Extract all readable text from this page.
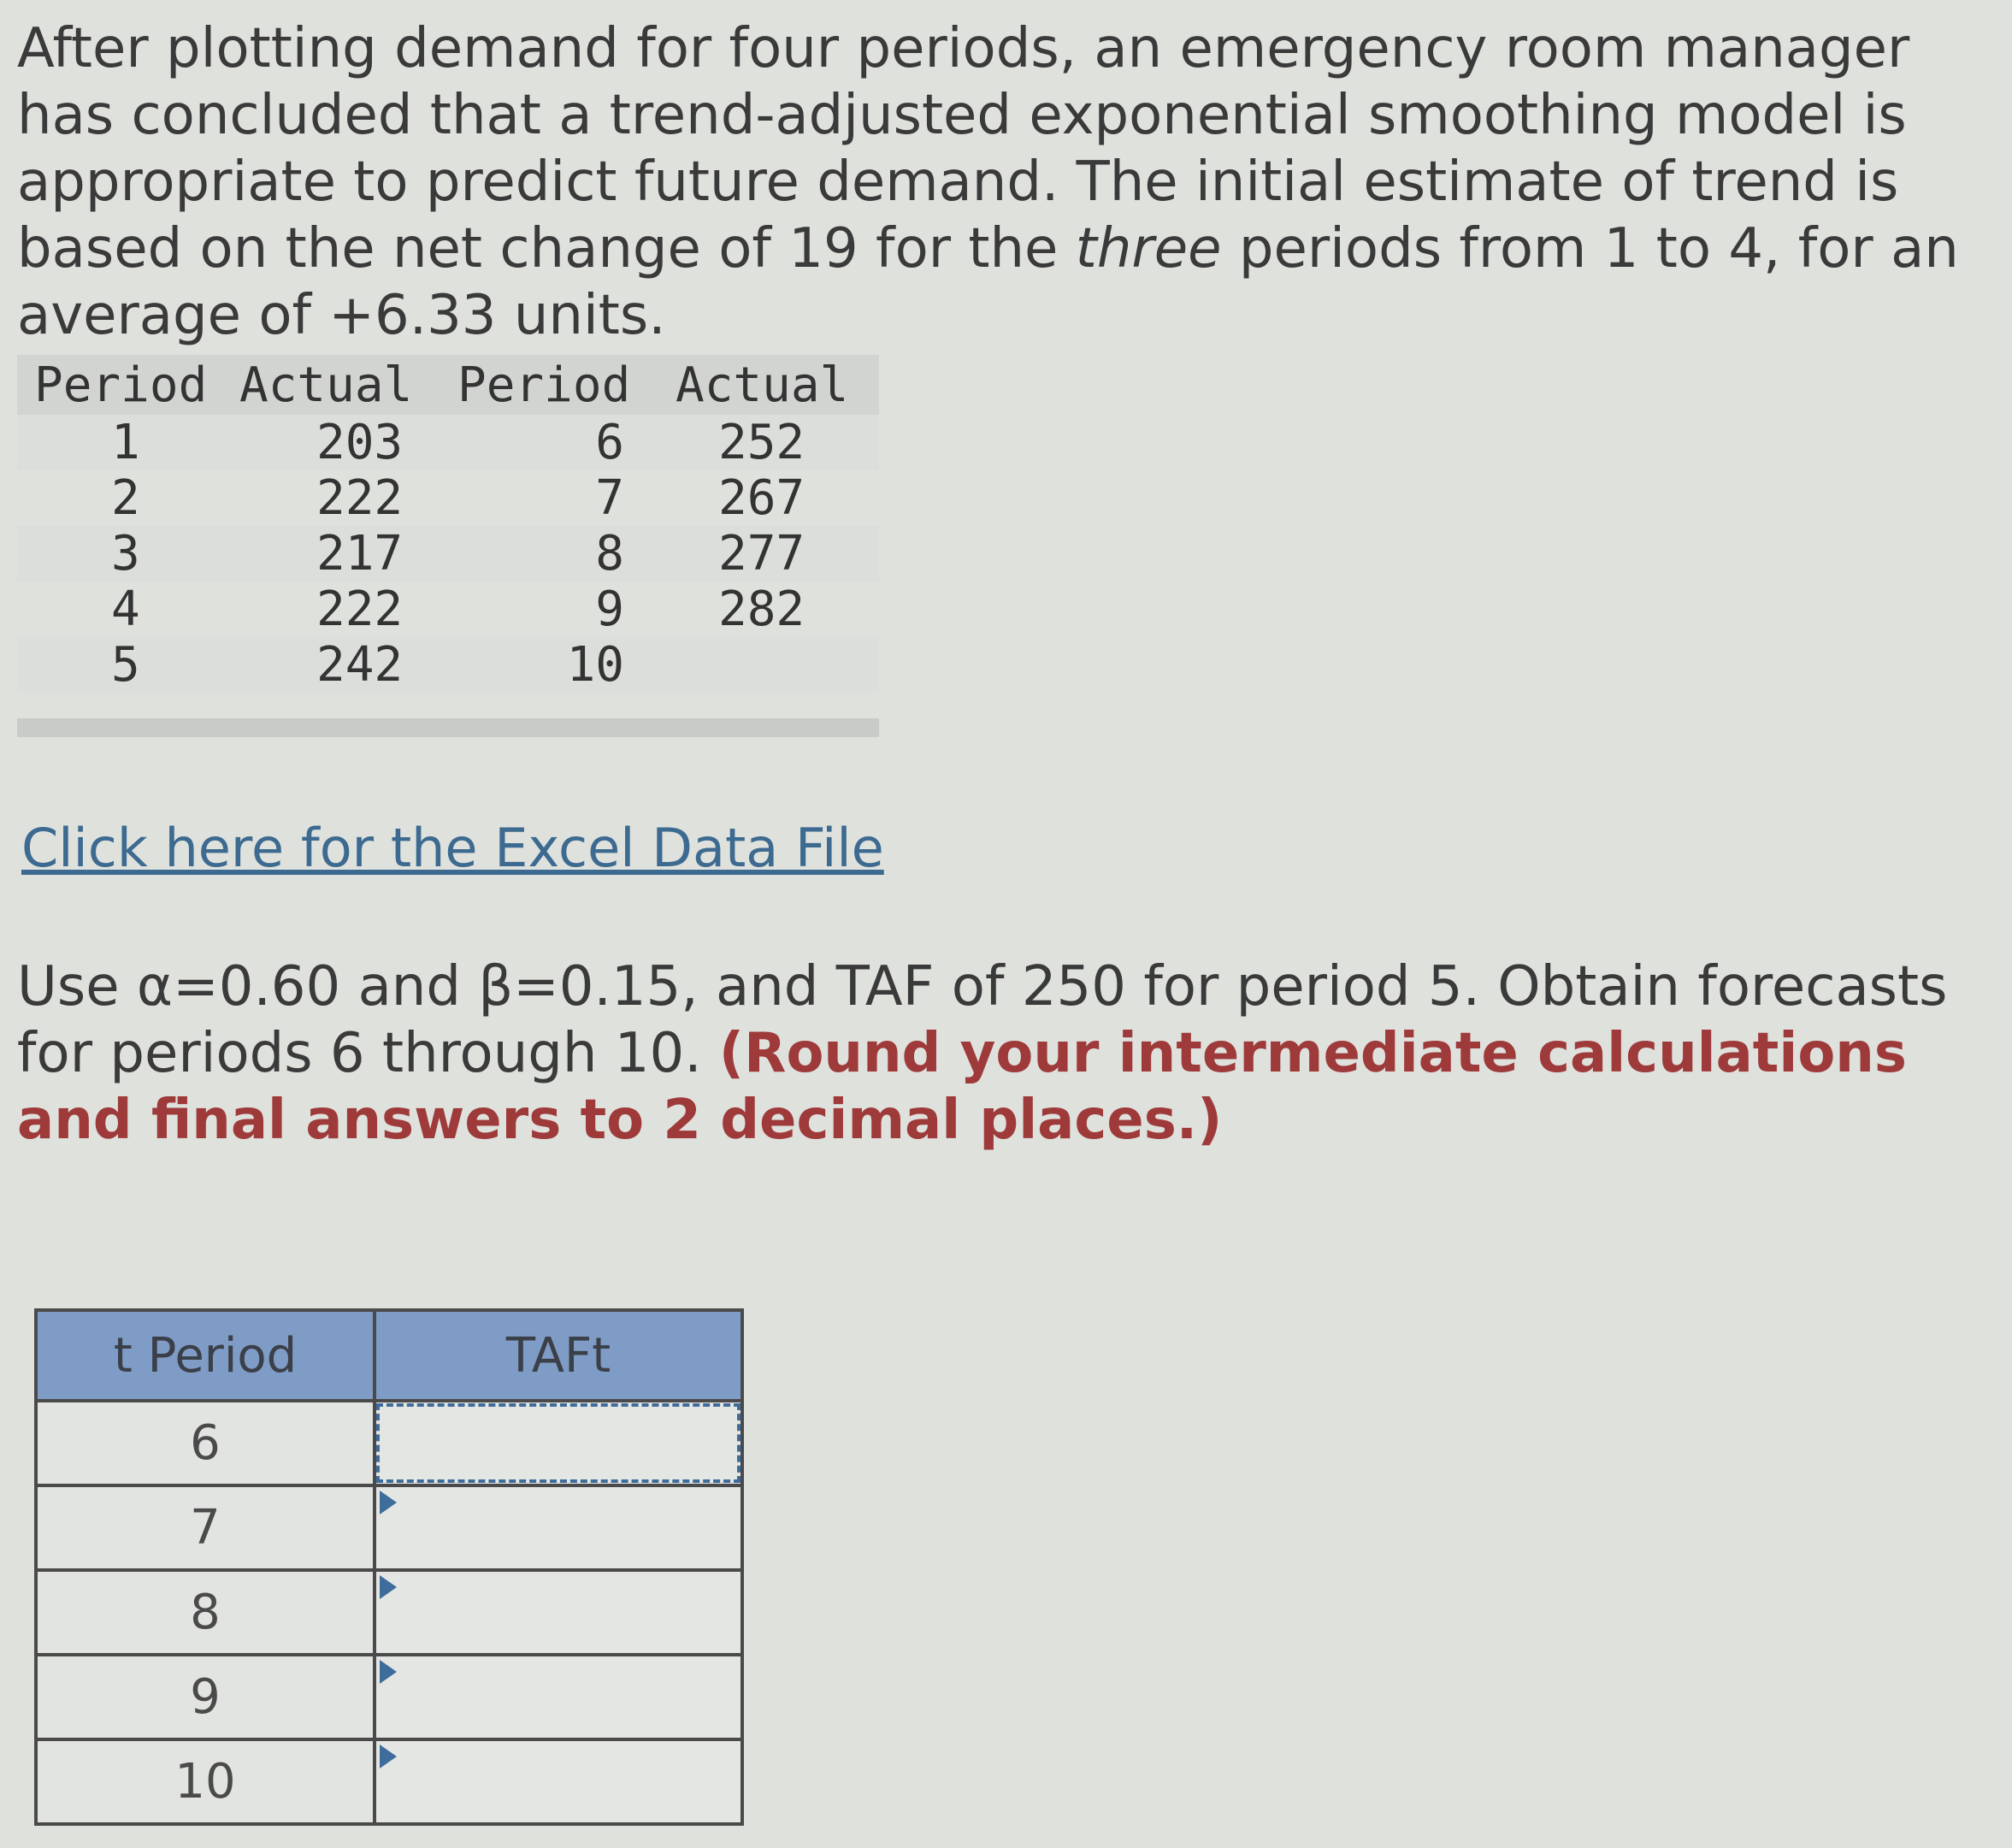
After plotting demand for four periods, an emergency room manager has concluded that a trend-adjusted exponential smoothing model is appropriate to predict future demand. The initial estimate of trend is based on the net change of 19 for the three periods from 1 to 4, for an average of +6.33 units.
Period Actual Period Actual
1	203	6	252
2	222	7	267
3	217	8	277
4	222	9	282
5	242	10
Click here for the Excel Data File
Use α=0.60 and β=0.15, and TAF of 250 for period 5. Obtain forecasts for periods 6 through 10. (Round your intermediate calculations and final answers to 2 decimal places.)
t Period	TAFt
6	
7	

8	

9	

10	
